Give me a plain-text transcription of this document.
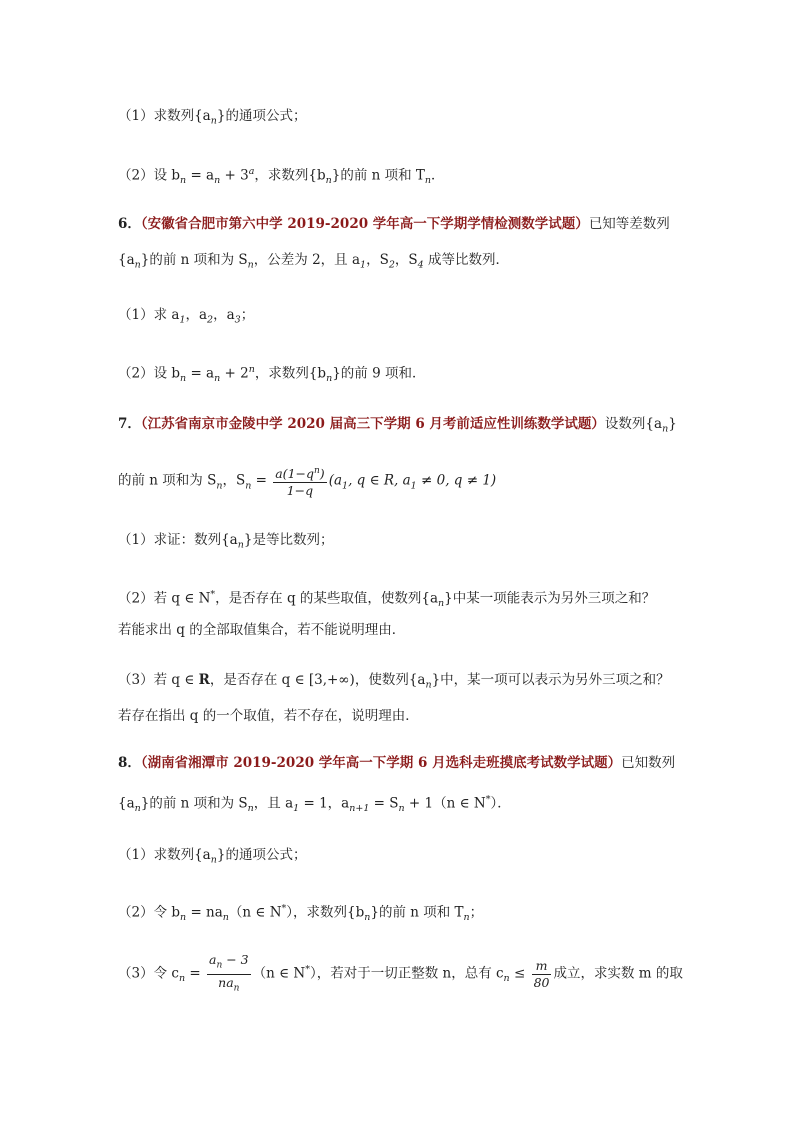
（1）求数列$\{a_n\}$的通项公式；
（2）设 $b_n = a_n + 3^a$，求数列$\{b_n\}$的前 n 项和 $T_n$．
6．（安徽省合肥市第六中学 2019-2020 学年高一下学期学情检测数学试题）已知等差数列
$\{a_n\}$的前 n 项和为 $S_n$，公差为 2，且 $a_1$，$S_2$，$S_4$ 成等比数列．
（1）求 $a_1$，$a_2$，$a_3$；
（2）设 $b_n = a_n + 2^n$，求数列$\{b_n\}$的前 9 项和．
7．（江苏省南京市金陵中学 2020 届高三下学期 6 月考前适应性训练数学试题）设数列$\{a_n\}$
的前 n 项和为 $S_n$，$S_n = \frac{a(1-q^n)}{1-q} (a_1$, q ∈ R, $a_1 \ne 0$, q ≠ 1)
（1）求证：数列$\{a_n\}$是等比数列；
（2）若 q ∈ N*，是否存在 q 的某些取值，使数列$\{a_n\}$中某一项能表示为另外三项之和？
若能求出 q 的全部取值集合，若不能说明理由．
（3）若 q ∈ R，是否存在 q ∈ [3,+∞)，使数列$\{a_n\}$中，某一项可以表示为另外三项之和？
若存在指出 q 的一个取值，若不存在，说明理由．
8．（湖南省湘潭市 2019-2020 学年高一下学期 6 月选科走班摸底考试数学试题）已知数列
$\{a_n\}$的前 n 项和为 $S_n$，且 $a_1 = 1$，$a_{n+1} = S_n + 1(n$ ∈ N*）．
（1）求数列$\{a_n\}$的通项公式；
（2）令 $b_n = na_n(n$ ∈ N*），求数列$\{b_n\}$的前 n 项和 $T_n$；
（3）令 $c_n = \frac{a_n - 3}{na_n} (n$ ∈ N*），若对于一切正整数 n，总有 $c_n \le \frac{m}{80}$ 成立，求实数 m 的取
